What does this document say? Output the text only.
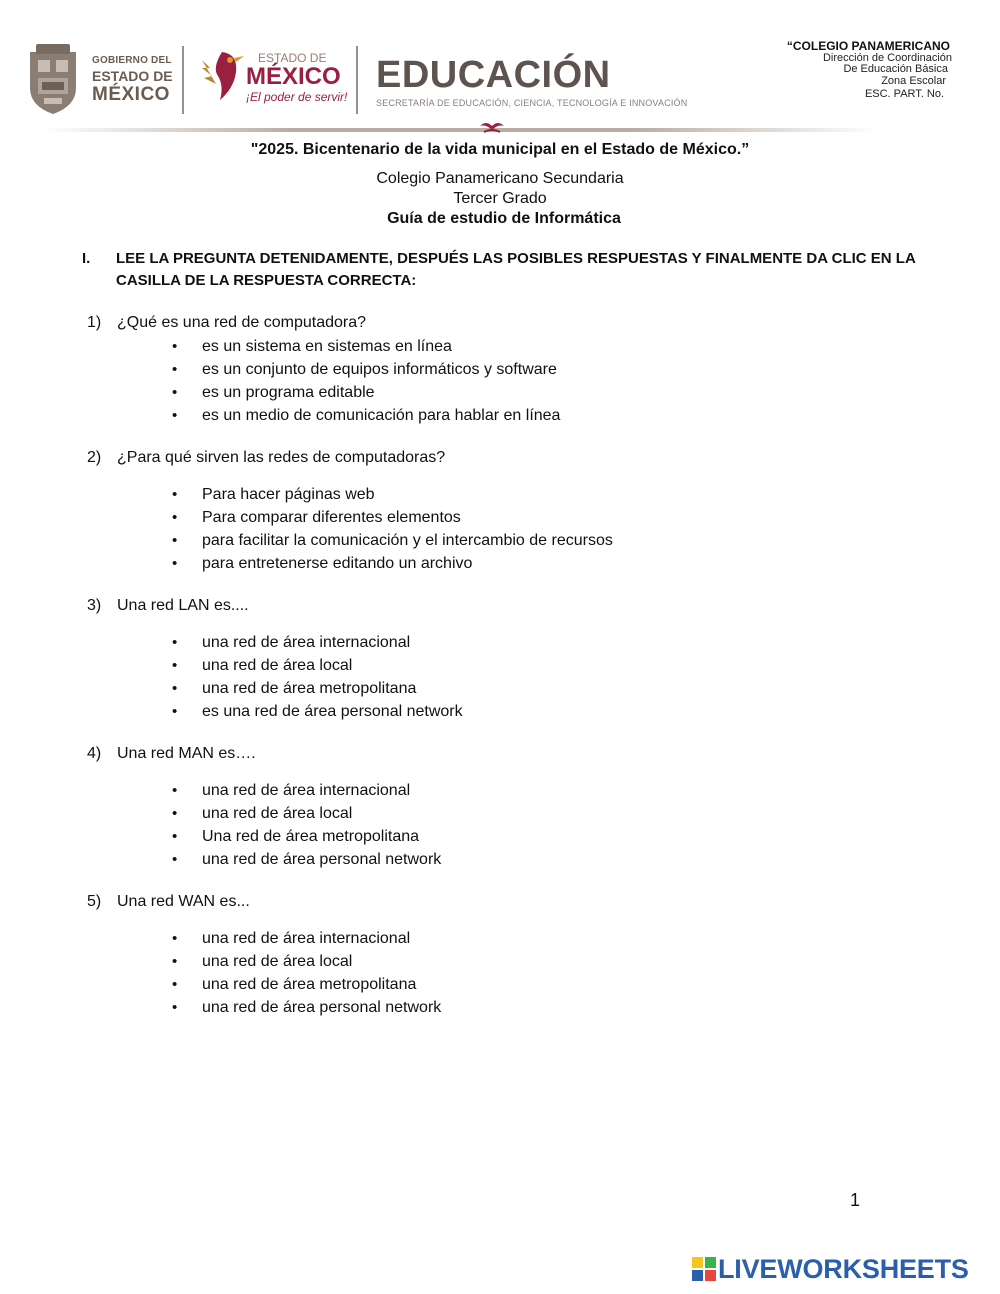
GOBIERNO DEL
ESTADO DE
MÉXICO
ESTADO DE
MÉXICO
¡El poder de servir!
EDUCACIÓN
SECRETARÍA DE EDUCACIÓN, CIENCIA, TECNOLOGÍA E INNOVACIÓN
“COLEGIO PANAMERICANO
Dirección de Coordinación
De Educación Básica
Zona Escolar
ESC. PART. No.
"2025. Bicentenario de la vida municipal en el Estado de México.”
Colegio Panamericano Secundaria
Tercer Grado
Guía de estudio de Informática
I. LEE LA PREGUNTA DETENIDAMENTE, DESPUÉS LAS POSIBLES RESPUESTAS Y FINALMENTE DA CLIC EN LA CASILLA DE LA RESPUESTA CORRECTA:
1) ¿Qué es una red de computadora?
• es un sistema en sistemas en línea
• es un conjunto de equipos informáticos y software
• es un programa editable
• es un medio de comunicación para hablar en línea
2) ¿Para qué sirven las redes de computadoras?
• Para hacer páginas web
• Para comparar diferentes elementos
• para facilitar la comunicación y el intercambio de recursos
• para entretenerse editando un archivo
3) Una red LAN es....
• una red de área internacional
• una red de área local
• una red de área metropolitana
• es una red de área personal network
4) Una red MAN es….
• una red de área internacional
• una red de área local
• Una red de área metropolitana
• una red de área personal network
5) Una red WAN es...
• una red de área internacional
• una red de área local
• una red de área metropolitana
• una red de área personal network
1
LIVEWORKSHEETS
